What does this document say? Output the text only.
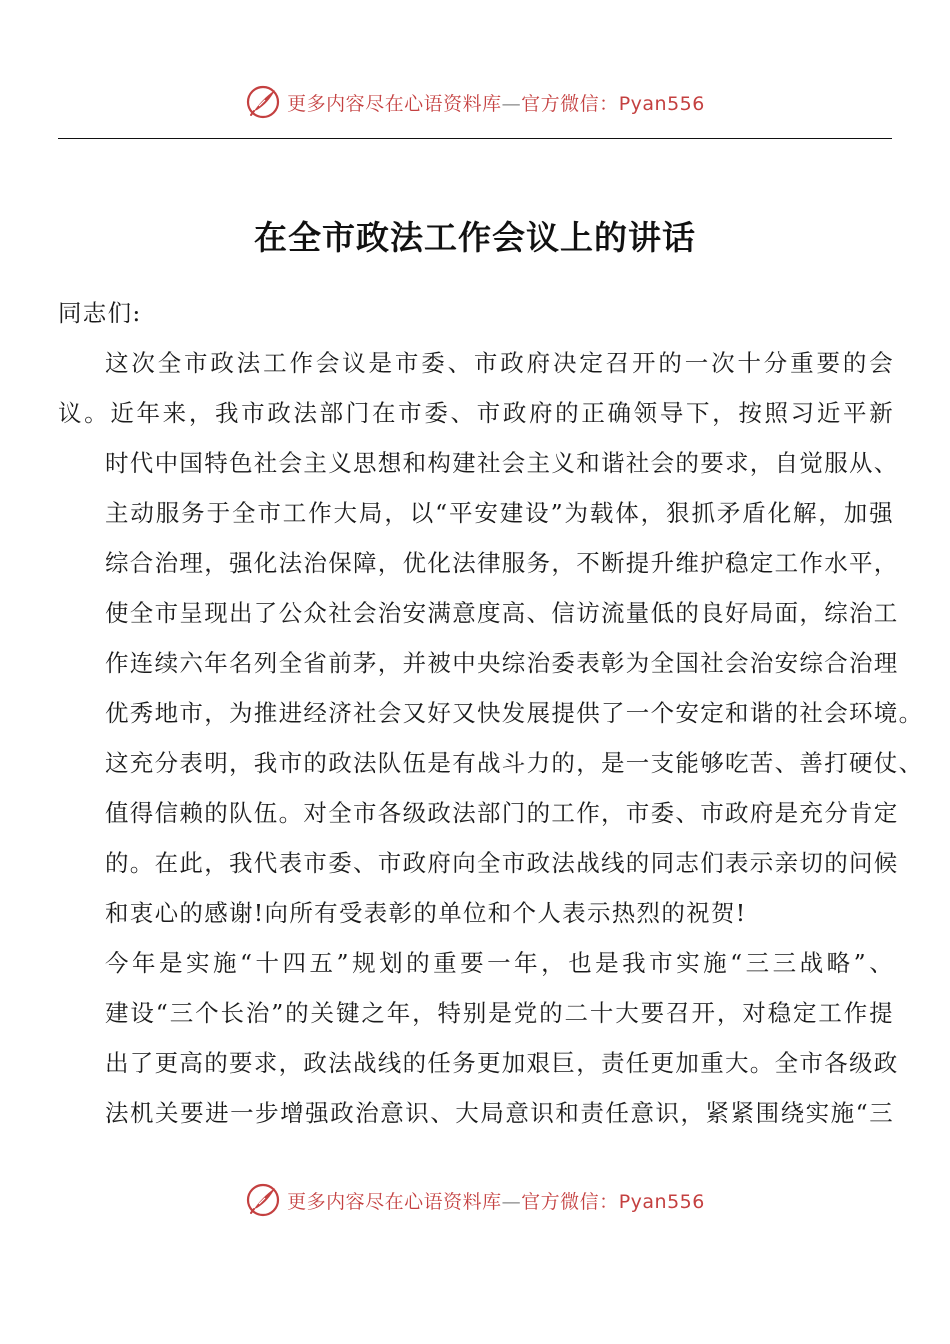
更多内容尽在心语资料库—官方微信：Pyan556
在全市政法工作会议上的讲话

同志们:

这次全市政法工作会议是市委、市政府决定召开的一次十分重要的会
议。近年来，我市政法部门在市委、市政府的正确领导下，按照习近平新
时代中国特色社会主义思想和构建社会主义和谐社会的要求，自觉服从、
主动服务于全市工作大局，以“平安建设”为载体，狠抓矛盾化解，加强
综合治理，强化法治保障，优化法律服务，不断提升维护稳定工作水平，
使全市呈现出了公众社会治安满意度高、信访流量低的良好局面，综治工
作连续六年名列全省前茅，并被中央综治委表彰为全国社会治安综合治理
优秀地市，为推进经济社会又好又快发展提供了一个安定和谐的社会环境。
这充分表明，我市的政法队伍是有战斗力的，是一支能够吃苦、善打硬仗、
值得信赖的队伍。对全市各级政法部门的工作，市委、市政府是充分肯定
的。在此，我代表市委、市政府向全市政法战线的同志们表示亲切的问候
和衷心的感谢!向所有受表彰的单位和个人表示热烈的祝贺!

今年是实施“十四五”规划的重要一年，也是我市实施“三三战略”、
建设“三个长治”的关键之年，特别是党的二十大要召开，对稳定工作提
出了更高的要求，政法战线的任务更加艰巨，责任更加重大。全市各级政
法机关要进一步增强政治意识、大局意识和责任意识，紧紧围绕实施“三

更多内容尽在心语资料库—官方微信：Pyan556
